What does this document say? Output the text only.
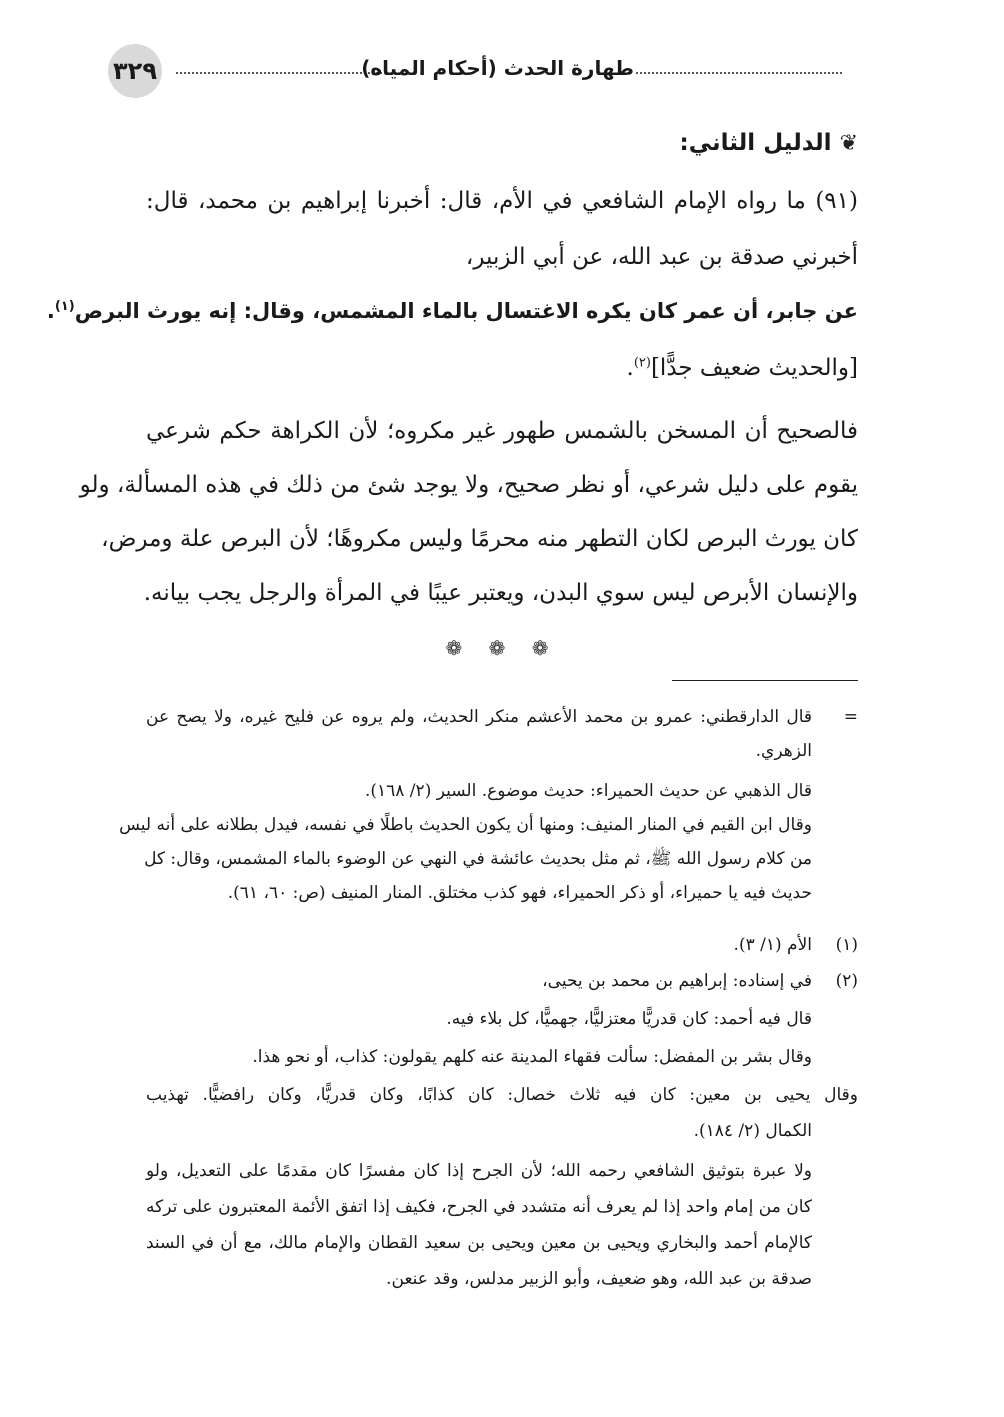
٣٢٩	طهارة الحدث (أحكام المياه)
❦الدليل الثاني:
(٩١) ما رواه الإمام الشافعي في الأم، قال: أخبرنا إبراهيم بن محمد، قال:
أخبرني صدقة بن عبد الله، عن أبي الزبير،
عن جابر، أن عمر كان يكره الاغتسال بالماء المشمس، وقال: إنه يورث البرص$^{(١)}$.
[والحديث ضعيف جدًّا]$^{(٢)}$.
فالصحيح أن المسخن بالشمس طهور غير مكروه؛ لأن الكراهة حكم شرعي
يقوم على دليل شرعي، أو نظر صحيح، ولا يوجد شئ من ذلك في هذه المسألة، ولو
كان يورث البرص لكان التطهر منه محرمًا وليس مكروهًا؛ لأن البرص علة ومرض،
والإنسان الأبرص ليس سوي البدن، ويعتبر عيبًا في المرأة والرجل يجب بيانه.
❁ ❁ ❁
=
قال الدارقطني: عمرو بن محمد الأعشم منكر الحديث، ولم يروه عن فليح غيره، ولا يصح عن
الزهري.
قال الذهبي عن حديث الحميراء: حديث موضوع. السير (٢/ ١٦٨).
وقال ابن القيم في المنار المنيف: ومنها أن يكون الحديث باطلًا في نفسه، فيدل بطلانه على أنه ليس
من كلام رسول الله ﷺ، ثم مثل بحديث عائشة في النهي عن الوضوء بالماء المشمس، وقال: كل
حديث فيه يا حميراء، أو ذكر الحميراء، فهو كذب مختلق. المنار المنيف (ص: ٦٠، ٦١).
(١)
الأم (١/ ٣).
(٢)
في إسناده: إبراهيم بن محمد بن يحيى،
قال فيه أحمد: كان قدريًّا معتزليًّا، جهميًّا، كل بلاء فيه.
وقال بشر بن المفضل: سألت فقهاء المدينة عنه كلهم يقولون: كذاب، أو نحو هذا.
وقال يحيى بن معين: كان فيه ثلاث خصال: كان كذابًا، وكان قدريًّا، وكان رافضيًّا. تهذيب
الكمال (٢/ ١٨٤).
ولا عبرة بتوثيق الشافعي رحمه الله؛ لأن الجرح إذا كان مفسرًا كان مقدمًا على التعديل، ولو
كان من إمام واحد إذا لم يعرف أنه متشدد في الجرح، فكيف إذا اتفق الأئمة المعتبرون على تركه
كالإمام أحمد والبخاري ويحيى بن معين ويحيى بن سعيد القطان والإمام مالك، مع أن في السند
صدقة بن عبد الله، وهو ضعيف، وأبو الزبير مدلس، وقد عنعن.
